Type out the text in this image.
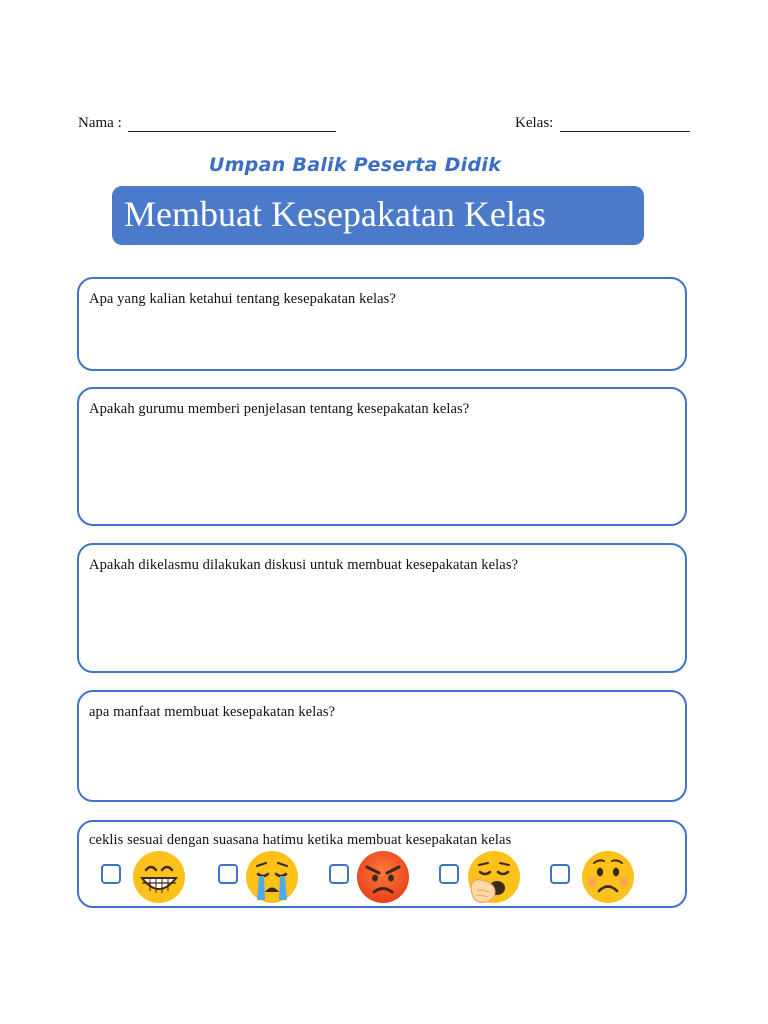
Nama :	Kelas:
Umpan Balik Peserta Didik
Membuat Kesepakatan Kelas
Apa yang kalian ketahui tentang kesepakatan kelas?
Apakah gurumu memberi penjelasan tentang kesepakatan kelas?
Apakah dikelasmu dilakukan diskusi untuk membuat kesepakatan kelas?
apa manfaat membuat kesepakatan kelas?
ceklis sesuai dengan suasana hatimu ketika membuat kesepakatan kelas
